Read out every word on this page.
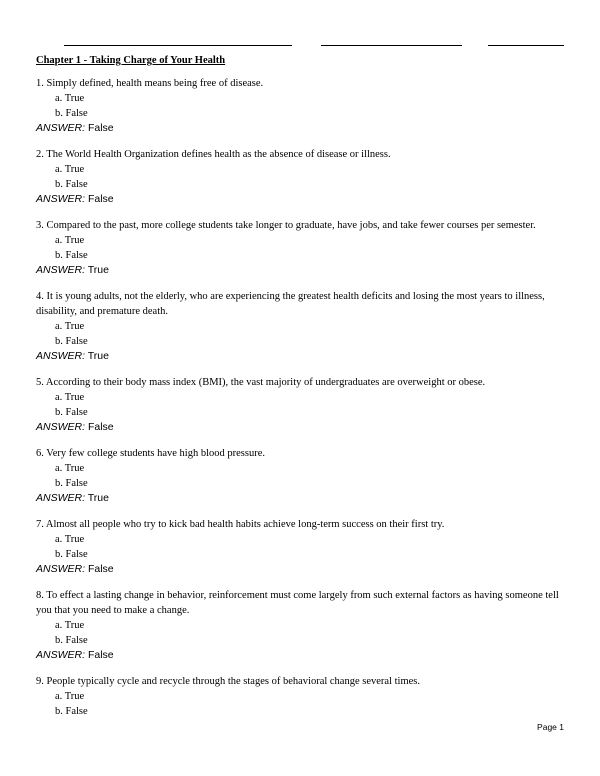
Chapter 1 - Taking Charge of Your Health

1. Simply defined, health means being free of disease.

a. True

b. False

ANSWER: False

2. The World Health Organization defines health as the absence of disease or illness.

a. True

b. False

ANSWER: False

3. Compared to the past, more college students take longer to graduate, have jobs, and take fewer courses per semester.

a. True

b. False

ANSWER: True

4. It is young adults, not the elderly, who are experiencing the greatest health deficits and losing the most years to illness, disability, and premature death.

a. True

b. False

ANSWER: True

5. According to their body mass index (BMI), the vast majority of undergraduates are overweight or obese.

a. True

b. False

ANSWER: False

6. Very few college students have high blood pressure.

a. True

b. False

ANSWER: True

7. Almost all people who try to kick bad health habits achieve long-term success on their first try.

a. True

b. False

ANSWER: False

8. To effect a lasting change in behavior, reinforcement must come largely from such external factors as having someone tell you that you need to make a change.

a. True

b. False

ANSWER: False

9. People typically cycle and recycle through the stages of behavioral change several times.

a. True

b. False

Page 1
